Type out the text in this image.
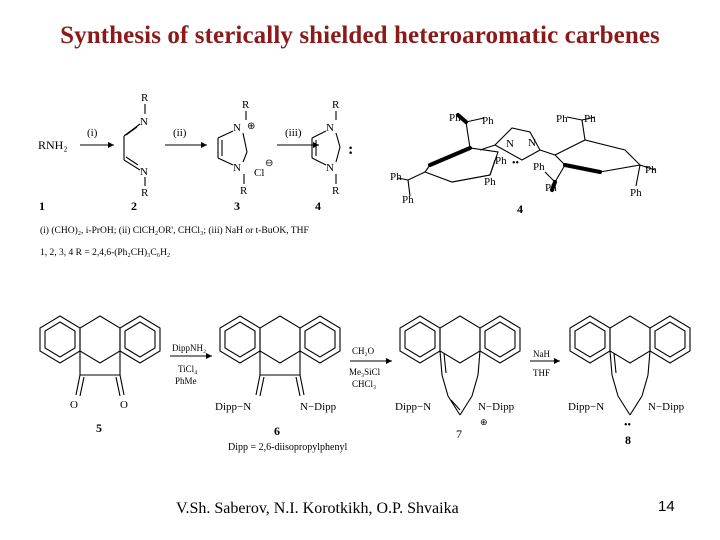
Synthesis of sterically shielded heteroaromatic carbenes
RNH₂
(i)
R
N
N
R
2
1
(ii)
R
N ⊕
N
R
Cl
⊖
3
(iii)
R
N
:
N
R
4
(i) (CHO)₂, i-PrOH; (ii) ClCH₂OR', CHCl₃; (iii) NaH or t-BuOK, THF
1, 2, 3, 4 R = 2,4,6-(Ph₂CH)₃C₆H₂
N N
••
Ph Ph	Ph Ph
Ph
Ph
Ph
Ph
Ph
Ph
Ph
Ph
4
O	O
5
DippNH₂
TiCl₄
PhMe
Dipp−N	N−Dipp
6
Dipp = 2,6-diisopropylphenyl
CH₂O
Me₃SiCl
CHCl₃
Dipp−N	N−Dipp
⊕
7
NaH
THF
••
Dipp−N	N−Dipp
8
V.Sh. Saberov, N.I. Korotkikh, O.P. Shvaika	14
